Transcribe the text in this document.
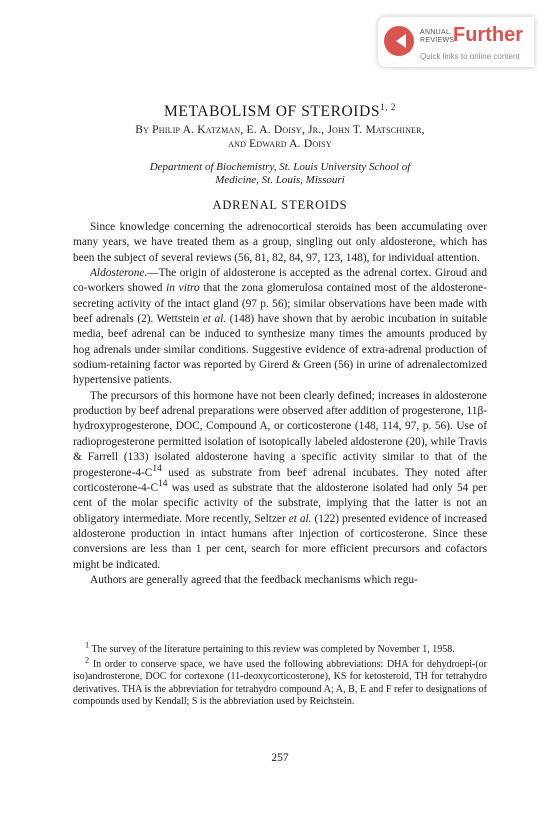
ANNUAL
REVIEWS
Further
Quick links to online content
METABOLISM OF STEROIDS$^{1, 2}$
By Philip A. Katzman, E. A. Doisy, Jr., John T. Matschiner,
and Edward A. Doisy
Department of Biochemistry, St. Louis University School of
Medicine, St. Louis, Missouri
ADRENAL STEROIDS

Since knowledge concerning the adrenocortical steroids has been accumulating over many years, we have treated them as a group, singling out only aldosterone, which has been the subject of several reviews (56, 81, 82, 84, 97, 123, 148), for individual attention.

Aldosterone.—The origin of aldosterone is accepted as the adrenal cortex. Giroud and co-workers showed in vitro that the zona glomerulosa contained most of the aldosterone-secreting activity of the intact gland (97 p. 56); similar observations have been made with beef adrenals (2). Wettstein et al. (148) have shown that by aerobic incubation in suitable media, beef adrenal can be induced to synthesize many times the amounts produced by hog adrenals under similar conditions. Suggestive evidence of extra-adrenal production of sodium-retaining factor was reported by Girerd & Green (56) in urine of adrenalectomized hypertensive patients.

The precursors of this hormone have not been clearly defined; increases in aldosterone production by beef adrenal preparations were observed after addition of progesterone, 11β-hydroxyprogesterone, DOC, Compound A, or corticosterone (148, 114, 97, p. 56). Use of radioprogesterone permitted isolation of isotopically labeled aldosterone (20), while Travis & Farrell (133) isolated aldosterone having a specific activity similar to that of the progesterone-$4-C^{14}$ used as substrate from beef adrenal incubates. They noted after corticosterone-$4-C^{14}$ was used as substrate that the aldosterone isolated had only 54 per cent of the molar specific activity of the substrate, implying that the latter is not an obligatory intermediate. More recently, Seltzer et al. (122) presented evidence of increased aldosterone production in intact humans after injection of corticosterone. Since these conversions are less than 1 per cent, search for more efficient precursors and cofactors might be indicated.

Authors are generally agreed that the feedback mechanisms which regu-

$^1$ The survey of the literature pertaining to this review was completed by November 1, 1958.

$^2$ In order to conserve space, we have used the following abbreviations: DHA for dehydroepi-(or iso)androsterone, DOC for cortexone (11-deoxycorticosterone), KS for ketosteroid, TH for tetrahydro derivatives. THA is the abbreviation for tetrahydro compound A; A, B, E and F refer to designations of compounds used by Kendall; S is the abbreviation used by Reichstein.

257
